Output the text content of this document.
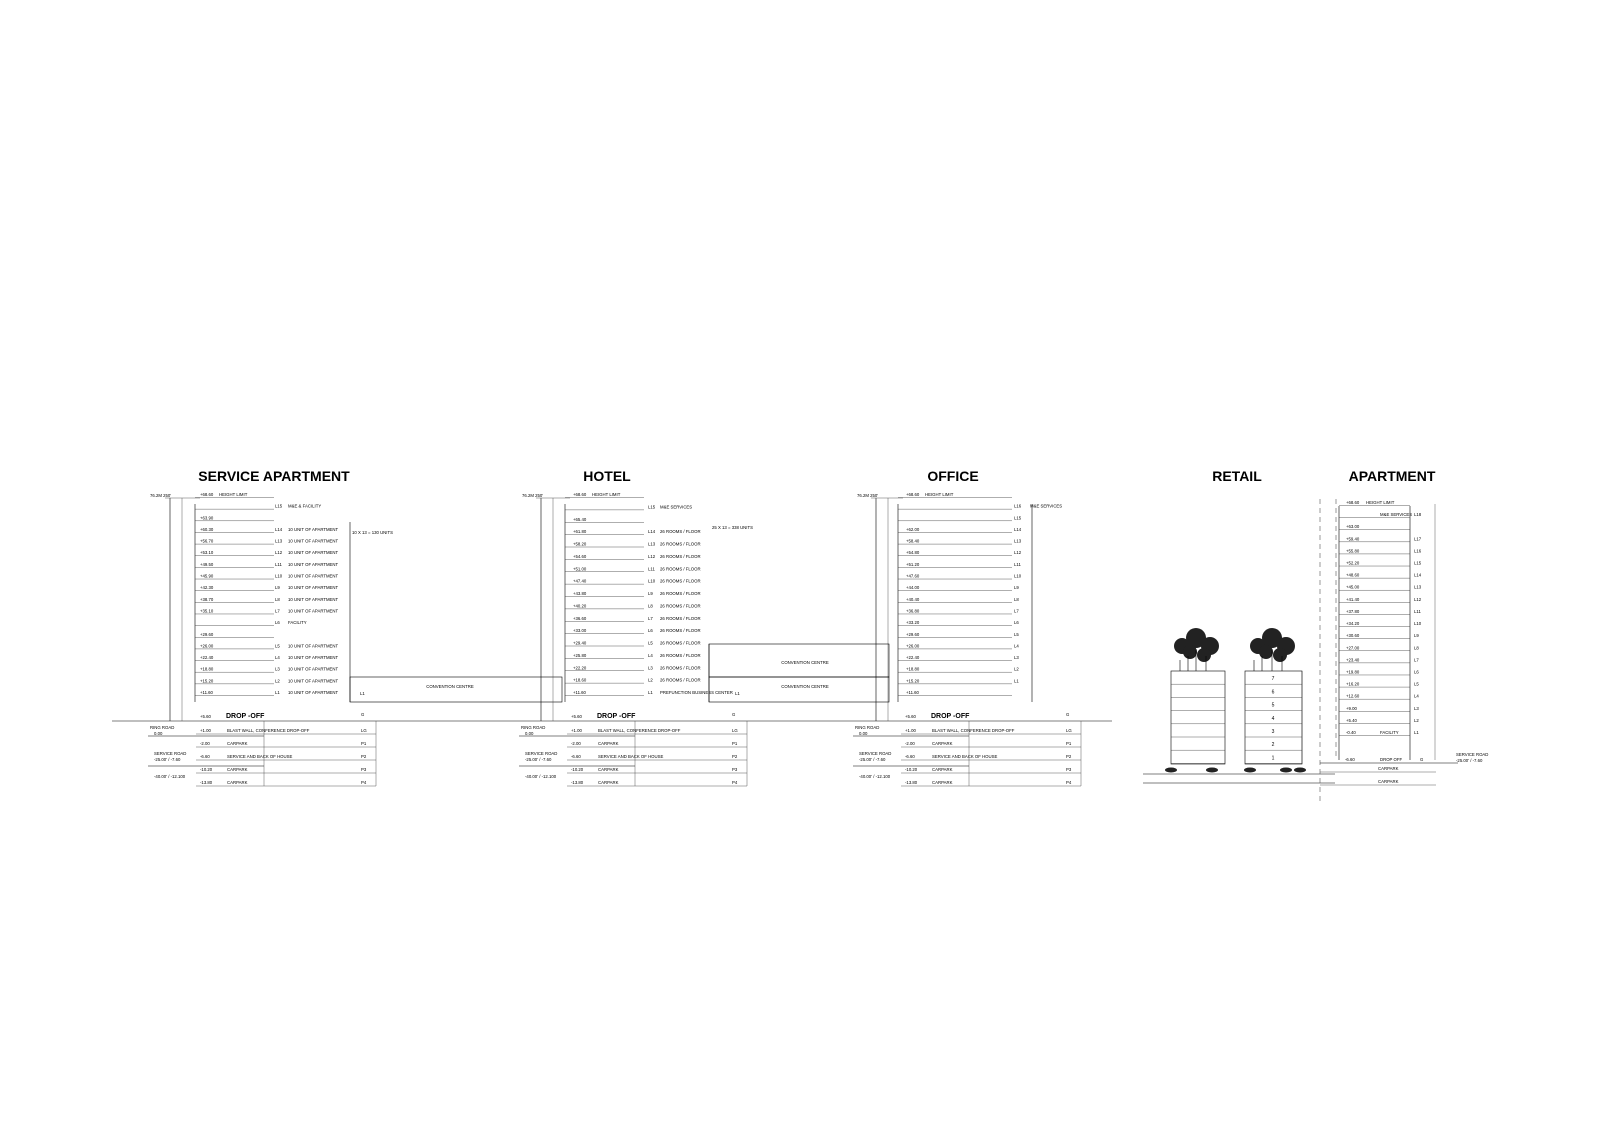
SERVICE APARTMENT	HOTEL	OFFICE	RETAIL	APARTMENT
76.2M 250'	+68.60 HEIGHT LIMIT
L15 M&E & FACILITY
+63.90
+60.30	L14 10 UNIT OF APARTMENT
+56.70	L13 10 UNIT OF APARTMENT
+53.10	L12 10 UNIT OF APARTMENT
+49.50	L11 10 UNIT OF APARTMENT
+45.90	L10 10 UNIT OF APARTMENT
+42.30	L9 10 UNIT OF APARTMENT
+38.70	L8 10 UNIT OF APARTMENT
+35.10	L7 10 UNIT OF APARTMENT
L6 FACILITY
+29.60
+26.00	L5 10 UNIT OF APARTMENT
+22.40	L4 10 UNIT OF APARTMENT
+18.80	L3 10 UNIT OF APARTMENT
+15.20	L2 10 UNIT OF APARTMENT
+11.60	L1 10 UNIT OF APARTMENT
10 X 13 = 130 UNITS
CONVENTION CENTRE
L1
76.2M 250'	+68.60 HEIGHT LIMIT
L15 M&E SERVICES
+65.40
+61.80	L14 26 ROOMS / FLOOR
+58.20	L13 26 ROOMS / FLOOR
+54.60	L12 26 ROOMS / FLOOR
+51.00	L11 26 ROOMS / FLOOR
+47.40	L10 26 ROOMS / FLOOR
+43.80	L9 26 ROOMS / FLOOR
+40.20	L8 26 ROOMS / FLOOR
+36.60	L7 26 ROOMS / FLOOR
+33.00	L6 26 ROOMS / FLOOR
+29.40	L5 26 ROOMS / FLOOR
+25.80	L4 26 ROOMS / FLOOR
+22.20	L3 26 ROOMS / FLOOR
+18.60	L2 26 ROOMS / FLOOR
+11.60	L1 PREFUNCTION BUSINESS CENTER
25 X 13 = 338 UNITS
76.2M 250'	+68.60 HEIGHT LIMIT
L16 M&E SERVICES
L15
+62.00	L14
+58.40	L13
+54.80	L12
+51.20	L11
+47.60	L10
+44.00	L9
+40.40	L8
+36.80	L7
+33.20	L6
+29.60	L5
+26.00	L4
+22.40	L3
+18.80	L2
+15.20	L1
+11.60
CONVENTION CENTRE
CONVENTION CENTRE
L1
+5.60 DROP -OFF	G
RING ROAD
0.00
SERVICE ROAD
-25.00' / -7.60
-40.00' / -12.100
+1.00	BLAST WALL, CONFERENCE DROP-OFF	LG
-2.00	CARPARK	P1
-6.60	SERVICE AND BACK OF HOUSE	P2
-10.20	CARPARK	P3
-13.80	CARPARK	P4
+5.60 DROP -OFF	G
RING ROAD
0.00
SERVICE ROAD
-25.00' / -7.60
-40.00' / -12.100
+1.00	BLAST WALL, CONFERENCE DROP-OFF	LG
-2.00	CARPARK	P1
-6.60	SERVICE AND BACK OF HOUSE	P2
-10.20	CARPARK	P3
-13.80	CARPARK	P4
+5.60 DROP -OFF	G
RING ROAD
0.00
SERVICE ROAD
-25.00' / -7.60
-40.00' / -12.100
+1.00	BLAST WALL, CONFERENCE DROP-OFF	LG
-2.00	CARPARK	P1
-6.60	SERVICE AND BACK OF HOUSE	P2
-10.20	CARPARK	P3
-13.80	CARPARK	P4
7
6
5
4
3
2
1
+68.60 HEIGHT LIMIT
L18
M&E SERVICES
+63.00
+59.40	L17
+55.80	L16
+52.20	L15
+48.60	L14
+45.00	L13
+41.40	L12
+37.80	L11
+34.20	L10
+30.60	L9
+27.00	L8
+23.40	L7
+19.80	L6
+16.20	L5
+12.60	L4
+9.00	L3
+5.40	L2
-0.40	L1
FACILITY
-6.60	DROP OFF	G
CARPARK
CARPARK
SERVICE ROAD
-25.00' / -7.60
